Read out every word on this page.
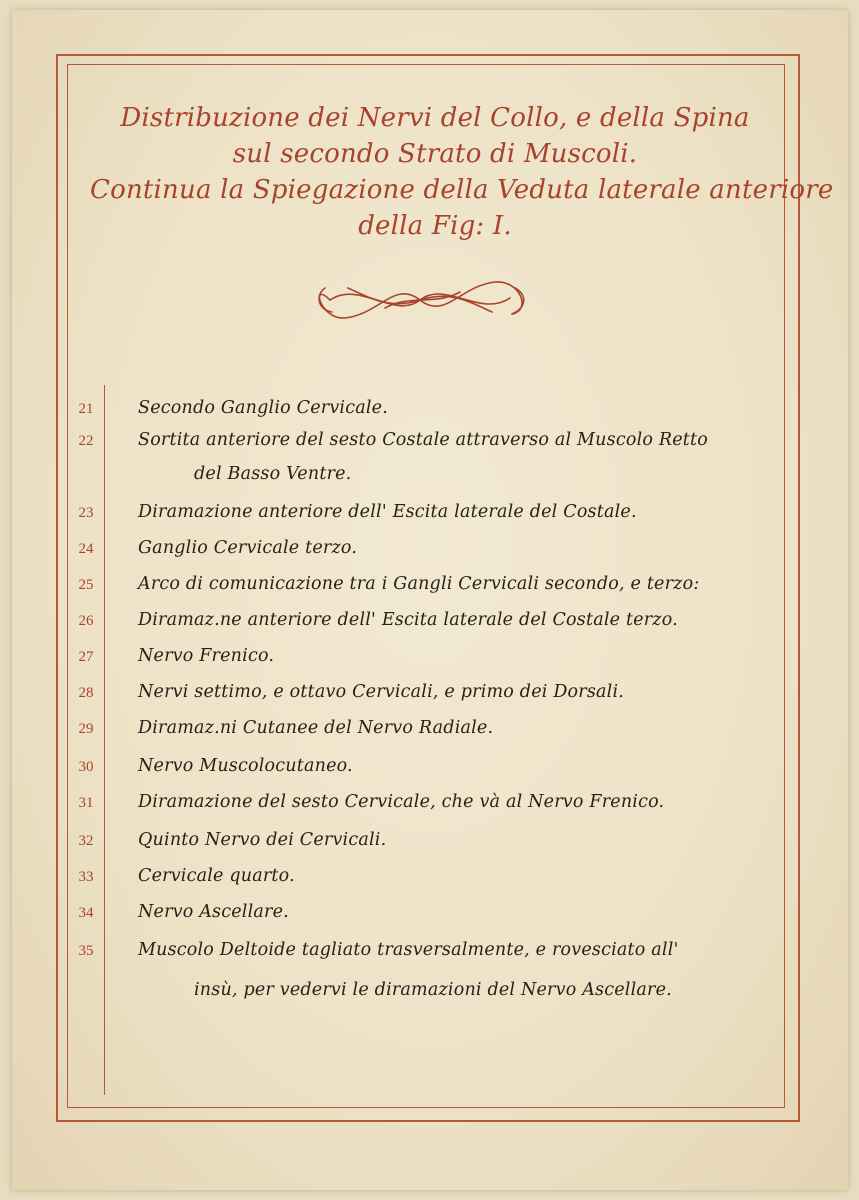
Distribuzione dei Nervi del Collo, e della Spina
sul secondo Strato di Muscoli.
Continua la Spiegazione della Veduta laterale anteriore
della Fig: I.
21	Secondo Ganglio Cervicale.
22	Sortita anteriore del sesto Costale attraverso al Muscolo Retto
del Basso Ventre.
23	Diramazione anteriore dell' Escita laterale del Costale.
24	Ganglio Cervicale terzo.
25	Arco di comunicazione tra i Gangli Cervicali secondo, e terzo:
26	Diramaz.ne anteriore dell' Escita laterale del Costale terzo.
27	Nervo Frenico.
28	Nervi settimo, e ottavo Cervicali, e primo dei Dorsali.
29	Diramaz.ni Cutanee del Nervo Radiale.
30	Nervo Muscolocutaneo.
31	Diramazione del sesto Cervicale, che và al Nervo Frenico.
32	Quinto Nervo dei Cervicali.
33	Cervicale quarto.
34	Nervo Ascellare.
35	Muscolo Deltoide tagliato trasversalmente, e rovesciato all'
insù, per vedervi le diramazioni del Nervo Ascellare.
